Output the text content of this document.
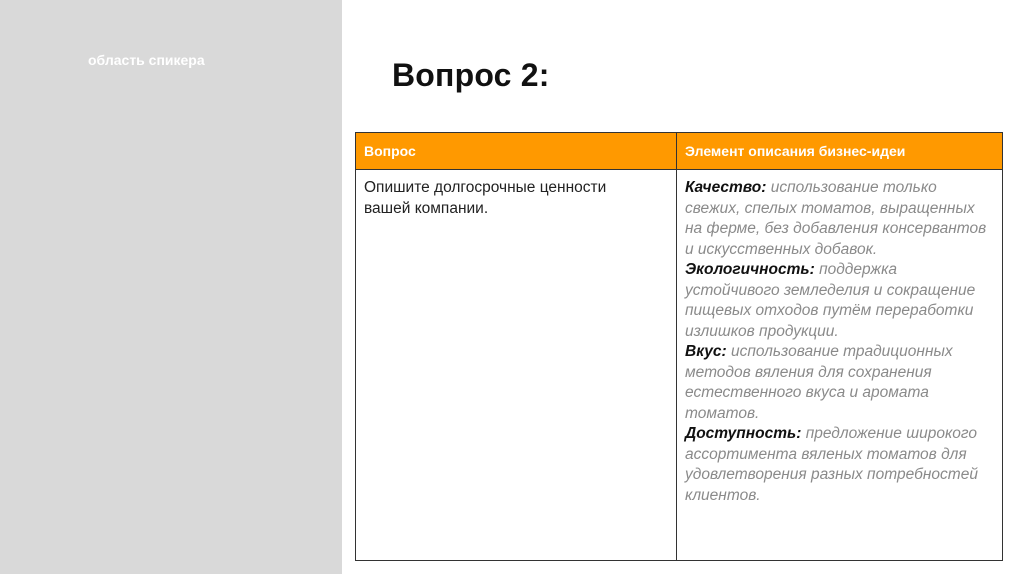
область спикера	Вопрос 2:
Вопрос	Элемент описания бизнес-идеи

Опишите долгосрочные ценности вашей компании.	Качество: использование только свежих, спелых томатов, выращенных на ферме, без добавления консервантов и искусственных добавок.
Экологичность: поддержка устойчивого земледелия и сокращение пищевых отходов путём переработки излишков продукции.
Вкус: использование традиционных методов вяления для сохранения естественного вкуса и аромата томатов.
Доступность: предложение широкого ассортимента вяленых томатов для удовлетворения разных потребностей клиентов.
